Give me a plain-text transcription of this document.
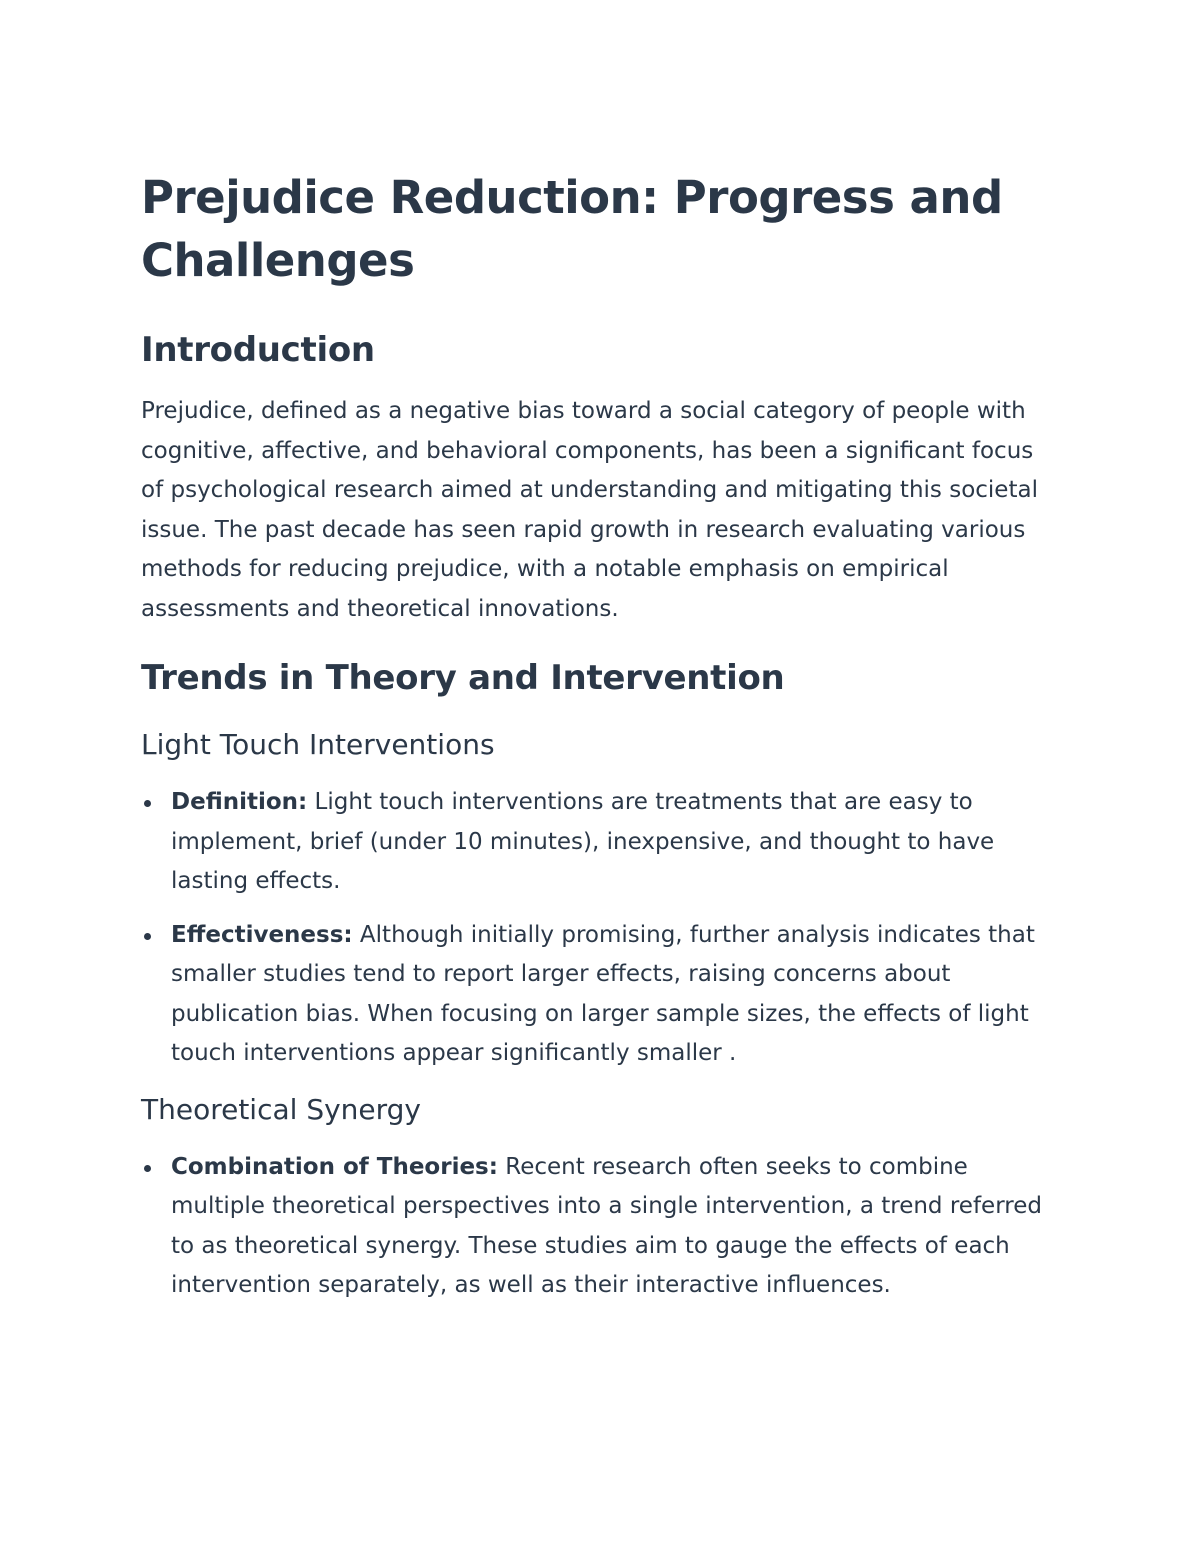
Prejudice Reduction: Progress and Challenges
Introduction

Prejudice, defined as a negative bias toward a social category of people with cognitive, affective, and behavioral components, has been a significant focus of psychological research aimed at understanding and mitigating this societal issue. The past decade has seen rapid growth in research evaluating various methods for reducing prejudice, with a notable emphasis on empirical assessments and theoretical innovations.

Trends in Theory and Intervention
Light Touch Interventions
Definition: Light touch interventions are treatments that are easy to implement, brief (under 10 minutes), inexpensive, and thought to have lasting effects.
Effectiveness: Although initially promising, further analysis indicates that smaller studies tend to report larger effects, raising concerns about publication bias. When focusing on larger sample sizes, the effects of light touch interventions appear significantly smaller .
Theoretical Synergy
Combination of Theories: Recent research often seeks to combine multiple theoretical perspectives into a single intervention, a trend referred to as theoretical synergy. These studies aim to gauge the effects of each intervention separately, as well as their interactive influences.
